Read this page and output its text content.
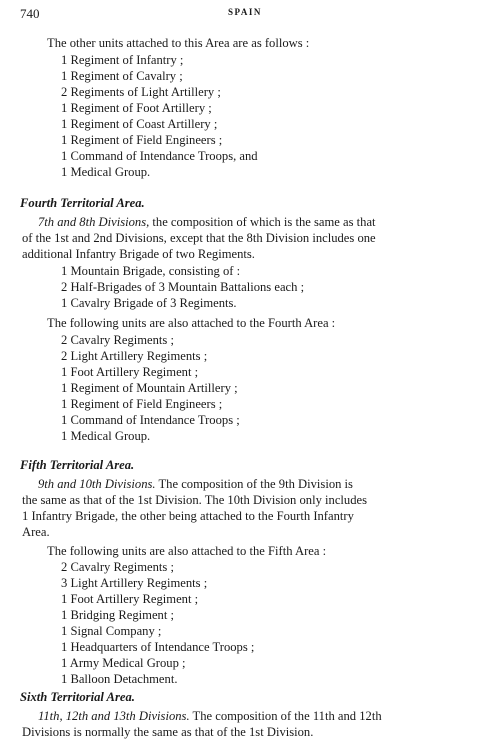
740	SPAIN
The other units attached to this Area are as follows :
1 Regiment of Infantry ;
1 Regiment of Cavalry ;
2 Regiments of Light Artillery ;
1 Regiment of Foot Artillery ;
1 Regiment of Coast Artillery ;
1 Regiment of Field Engineers ;
1 Command of Intendance Troops, and
1 Medical Group.
Fourth Territorial Area.
7th and 8th Divisions, the composition of which is the same as that
of the 1st and 2nd Divisions, except that the 8th Division includes one
additional Infantry Brigade of two Regiments.
1 Mountain Brigade, consisting of :
2 Half-Brigades of 3 Mountain Battalions each ;
1 Cavalry Brigade of 3 Regiments.
The following units are also attached to the Fourth Area :
2 Cavalry Regiments ;
2 Light Artillery Regiments ;
1 Foot Artillery Regiment ;
1 Regiment of Mountain Artillery ;
1 Regiment of Field Engineers ;
1 Command of Intendance Troops ;
1 Medical Group.
Fifth Territorial Area.
9th and 10th Divisions. The composition of the 9th Division is
the same as that of the 1st Division. The 10th Division only includes
1 Infantry Brigade, the other being attached to the Fourth Infantry
Area.
The following units are also attached to the Fifth Area :
2 Cavalry Regiments ;
3 Light Artillery Regiments ;
1 Foot Artillery Regiment ;
1 Bridging Regiment ;
1 Signal Company ;
1 Headquarters of Intendance Troops ;
1 Army Medical Group ;
1 Balloon Detachment.
Sixth Territorial Area.
11th, 12th and 13th Divisions. The composition of the 11th and 12th
Divisions is normally the same as that of the 1st Division.
